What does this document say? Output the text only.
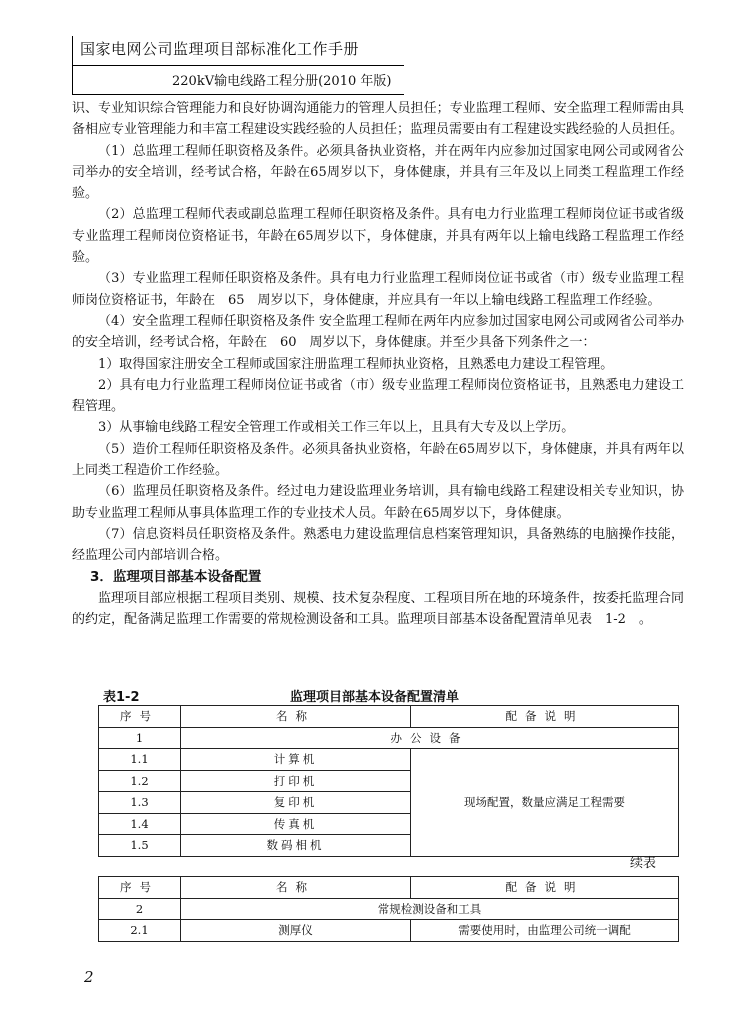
国家电网公司监理项目部标准化工作手册
220kV输电线路工程分册(2010 年版)

识、专业知识综合管理能力和良好协调沟通能力的管理人员担任；专业监理工程师、安全监理工程师需由具备相应专业管理能力和丰富工程建设实践经验的人员担任；监理员需要由有工程建设实践经验的人员担任。

（1）总监理工程师任职资格及条件。必须具备执业资格，并在两年内应参加过国家电网公司或网省公司举办的安全培训，经考试合格，年龄在65周岁以下，身体健康，并具有三年及以上同类工程监理工作经验。

（2）总监理工程师代表或副总监理工程师任职资格及条件。具有电力行业监理工程师岗位证书或省级专业监理工程师岗位资格证书，年龄在65周岁以下，身体健康，并具有两年以上输电线路工程监理工作经验。

（3）专业监理工程师任职资格及条件。具有电力行业监理工程师岗位证书或省（市）级专业监理工程师岗位资格证书，年龄在　65　周岁以下，身体健康，并应具有一年以上输电线路工程监理工作经验。

（4）安全监理工程师任职资格及条件 安全监理工程师在两年内应参加过国家电网公司或网省公司举办的安全培训，经考试合格，年龄在　60　周岁以下，身体健康。并至少具备下列条件之一：

1）取得国家注册安全工程师或国家注册监理工程师执业资格，且熟悉电力建设工程管理。

2）具有电力行业监理工程师岗位证书或省（市）级专业监理工程师岗位资格证书，且熟悉电力建设工程管理。

3）从事输电线路工程安全管理工作或相关工作三年以上，且具有大专及以上学历。

（5）造价工程师任职资格及条件。必须具备执业资格，年龄在65周岁以下，身体健康，并具有两年以上同类工程造价工作经验。

（6）监理员任职资格及条件。经过电力建设监理业务培训，具有输电线路工程建设相关专业知识，协助专业监理工程师从事具体监理工作的专业技术人员。年龄在65周岁以下，身体健康。

（7）信息资料员任职资格及条件。熟悉电力建设监理信息档案管理知识，具备熟练的电脑操作技能，经监理公司内部培训合格。

3．监理项目部基本设备配置

监理项目部应根据工程项目类别、规模、技术复杂程度、工程项目所在地的环境条件，按委托监理合同的约定，配备满足监理工作需要的常规检测设备和工具。监理项目部基本设备配置清单见表　1-2　。

表1-2	监理项目部基本设备配置清单
序号	名称	配备说明
1	办公设备	
1.1	计算机	现场配置，数量应满足工程需要
1.2	打印机	
1.3	复印机	
1.4	传真机	
1.5	数码相机	
续表
序号	名称	配备说明
2	常规检测设备和工具	
2.1	测厚仪	需要使用时，由监理公司统一调配
2
